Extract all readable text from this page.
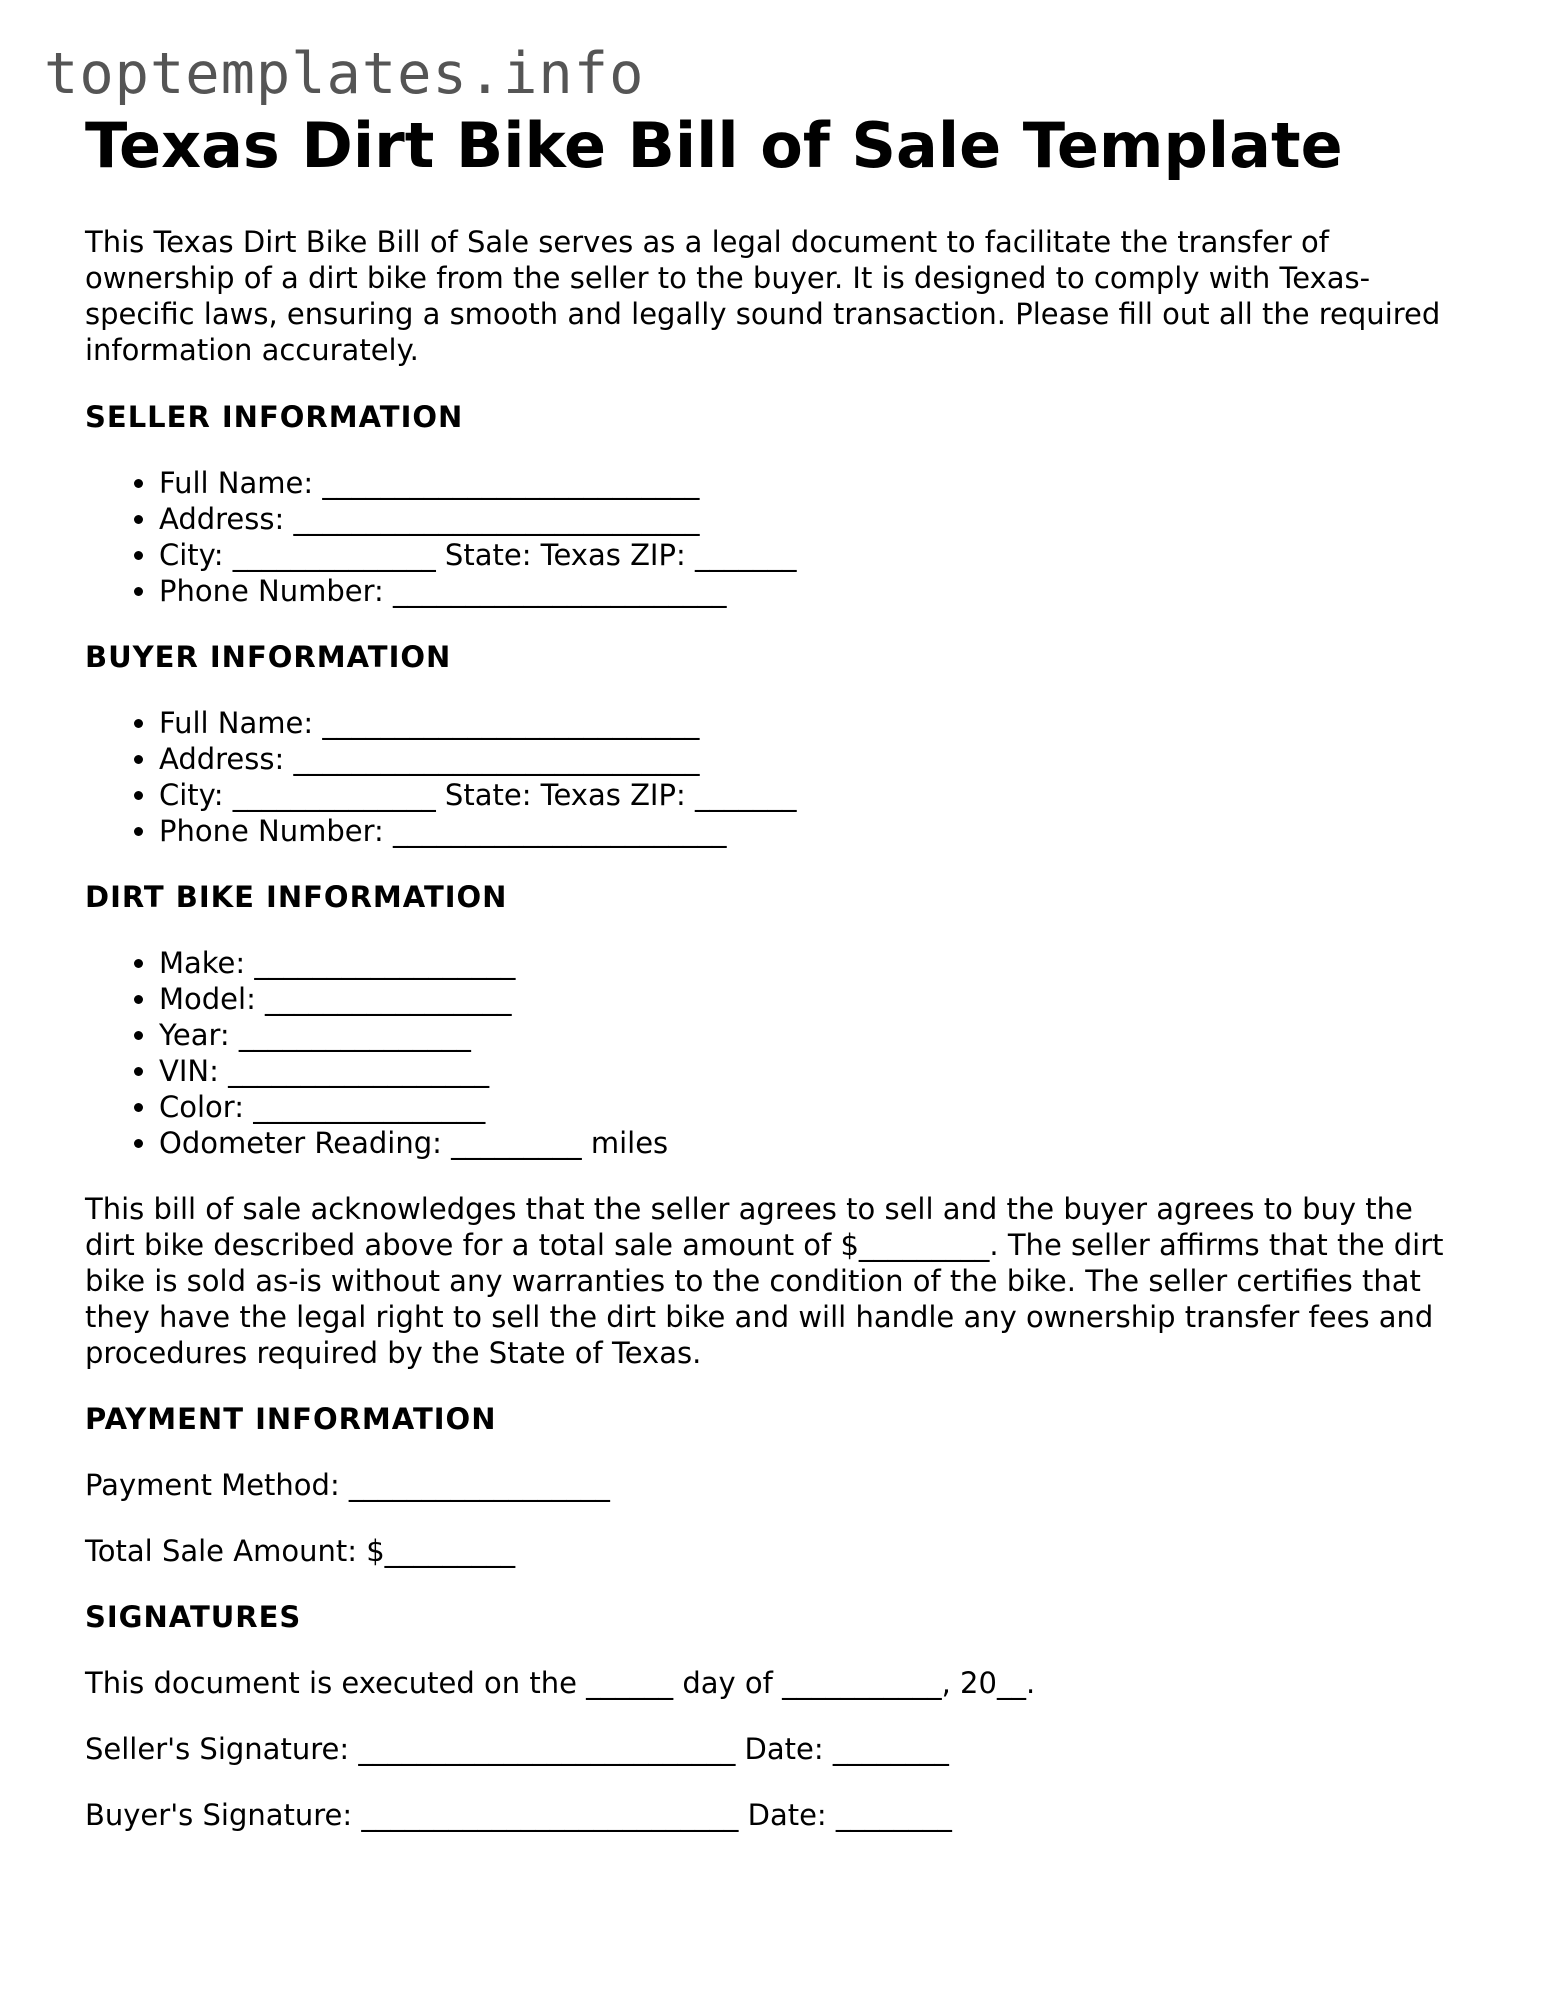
toptemplates.info
Texas Dirt Bike Bill of Sale Template

This Texas Dirt Bike Bill of Sale serves as a legal document to facilitate the transfer of ownership of a dirt bike from the seller to the buyer. It is designed to comply with Texas-specific laws, ensuring a smooth and legally sound transaction. Please fill out all the required information accurately.

SELLER INFORMATION
• Full Name: __________________________
• Address: ____________________________
• City: ______________ State: Texas ZIP: _______
• Phone Number: _______________________
BUYER INFORMATION
• Full Name: __________________________
• Address: ____________________________
• City: ______________ State: Texas ZIP: _______
• Phone Number: _______________________
DIRT BIKE INFORMATION
• Make: __________________
• Model: _________________
• Year: ________________
• VIN: __________________
• Color: ________________
• Odometer Reading: _________ miles

This bill of sale acknowledges that the seller agrees to sell and the buyer agrees to buy the dirt bike described above for a total sale amount of $_________. The seller affirms that the dirt bike is sold as-is without any warranties to the condition of the bike. The seller certifies that they have the legal right to sell the dirt bike and will handle any ownership transfer fees and procedures required by the State of Texas.

PAYMENT INFORMATION

Payment Method: __________________

Total Sale Amount: $_________

SIGNATURES

This document is executed on the ______ day of ___________, 20__.

Seller's Signature: __________________________ Date: ________

Buyer's Signature: __________________________ Date: ________
